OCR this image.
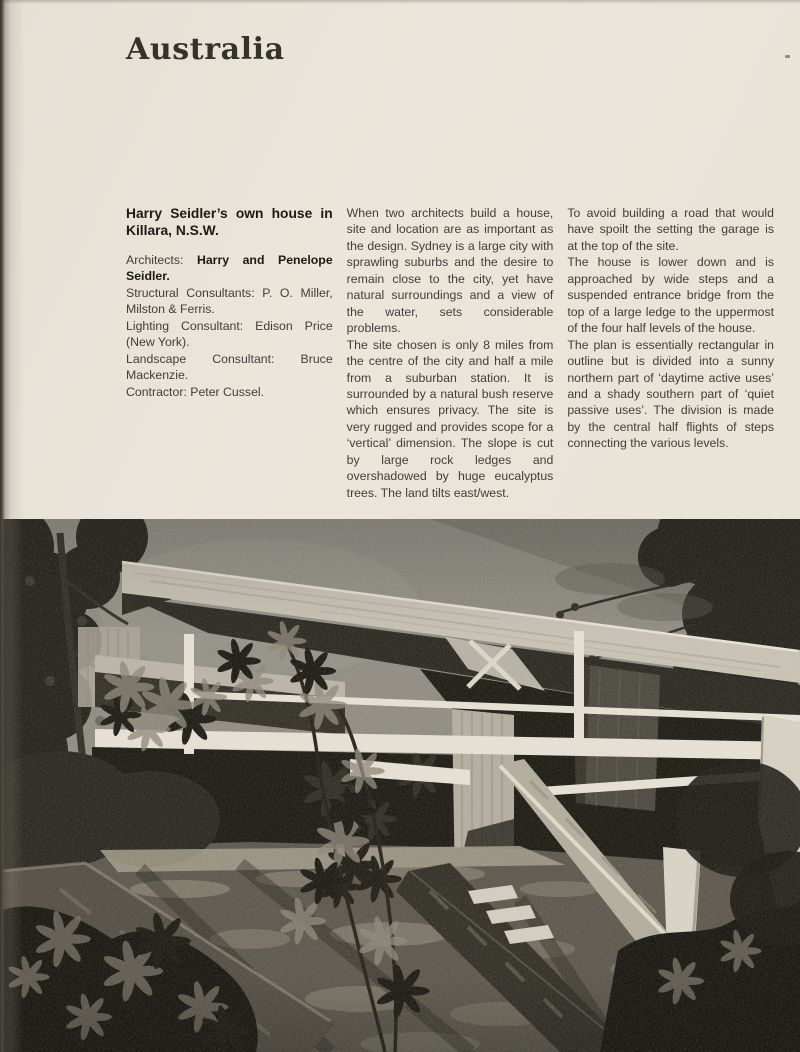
Australia
Harry Seidler’s own house in Killara, N.S.W.

Architects: Harry and Penelope Seidler.
Structural Consultants: P. O. Miller, Milston & Ferris.
Lighting Consultant: Edison Price (New York).
Landscape Consultant: Bruce Mackenzie.
Contractor: Peter Cussel.

When two architects build a house, site and location are as important as the design. Sydney is a large city with sprawling suburbs and the desire to remain close to the city, yet have natural surroundings and a view of the water, sets considerable problems.

The site chosen is only 8 miles from the centre of the city and half a mile from a suburban station. It is surrounded by a natural bush reserve which ensures privacy. The site is very rugged and provides scope for a ‘vertical’ dimension. The slope is cut by large rock ledges and overshadowed by huge eucalyptus trees. The land tilts east/west.

To avoid building a road that would have spoilt the setting the garage is at the top of the site.

The house is lower down and is approached by wide steps and a suspended entrance bridge from the top of a large ledge to the uppermost of the four half levels of the house.

The plan is essentially rectangular in outline but is divided into a sunny northern part of ‘daytime active uses’ and a shady southern part of ‘quiet passive uses’. The division is made by the central half flights of steps connecting the various levels.
